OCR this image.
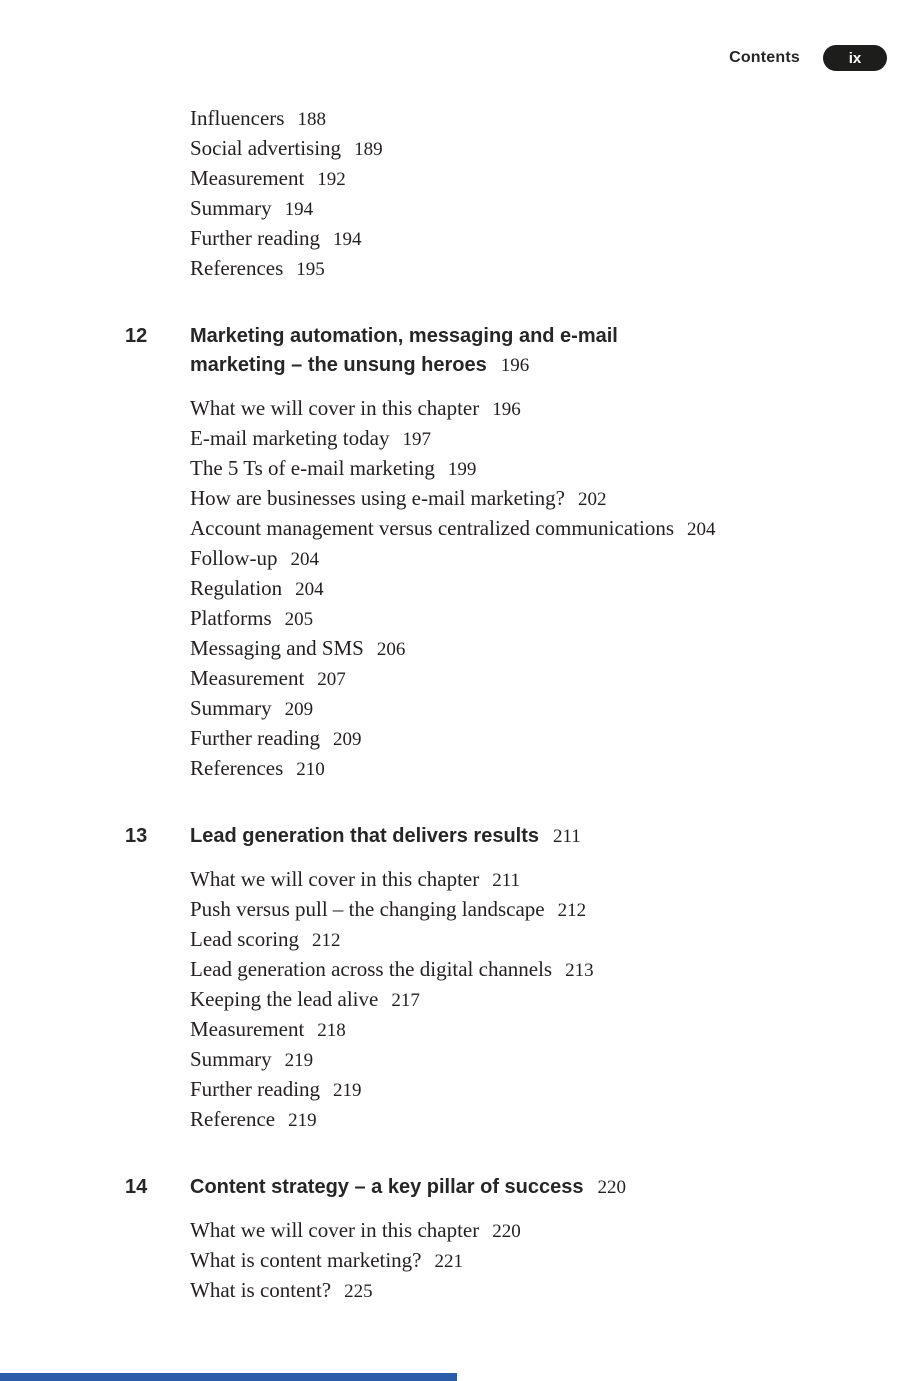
Contents	ix
Influencers 188
Social advertising 189
Measurement 192
Summary 194
Further reading 194
References 195
12 Marketing automation, messaging and e-mail
marketing – the unsung heroes 196
What we will cover in this chapter 196
E-mail marketing today 197
The 5 Ts of e-mail marketing 199
How are businesses using e-mail marketing? 202
Account management versus centralized communications 204
Follow-up 204
Regulation 204
Platforms 205
Messaging and SMS 206
Measurement 207
Summary 209
Further reading 209
References 210
13 Lead generation that delivers results 211
What we will cover in this chapter 211
Push versus pull – the changing landscape 212
Lead scoring 212
Lead generation across the digital channels 213
Keeping the lead alive 217
Measurement 218
Summary 219
Further reading 219
Reference 219
14 Content strategy – a key pillar of success 220
What we will cover in this chapter 220
What is content marketing? 221
What is content? 225
